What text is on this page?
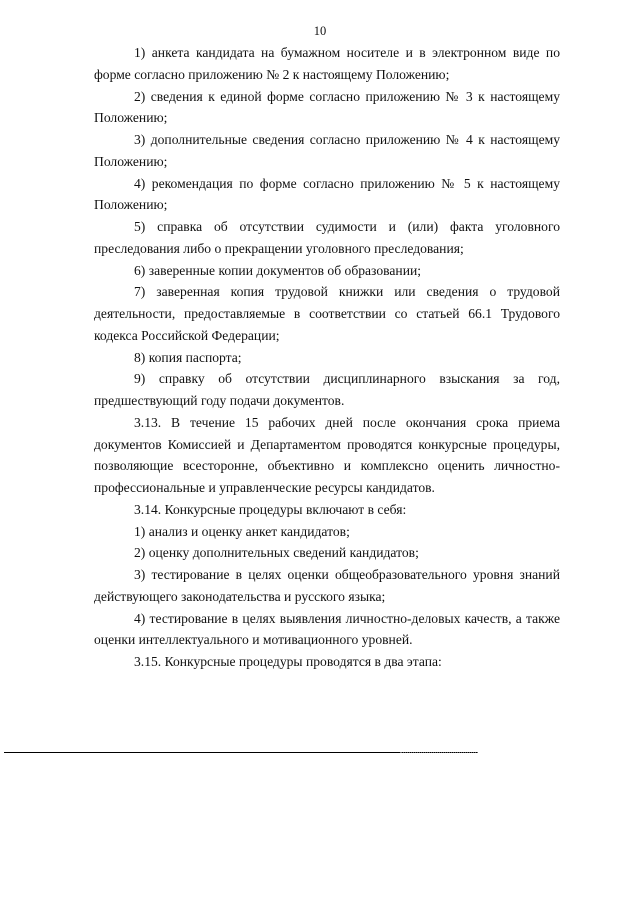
10

1) анкета кандидата на бумажном носителе и в электронном виде по форме согласно приложению № 2 к настоящему Положению;

2) сведения к единой форме согласно приложению № 3 к настоящему Положению;

3) дополнительные сведения согласно приложению № 4 к настоящему Положению;

4) рекомендация по форме согласно приложению № 5 к настоящему Положению;

5) справка об отсутствии судимости и (или) факта уголовного преследования либо о прекращении уголовного преследования;

6) заверенные копии документов об образовании;

7) заверенная копия трудовой книжки или сведения о трудовой деятельности, предоставляемые в соответствии со статьей 66.1 Трудового кодекса Российской Федерации;

8) копия паспорта;

9) справку об отсутствии дисциплинарного взыскания за год, предшествующий году подачи документов.

3.13. В течение 15 рабочих дней после окончания срока приема документов Комиссией и Департаментом проводятся конкурсные процедуры, позволяющие всесторонне, объективно и комплексно оценить личностно-профессиональные и управленческие ресурсы кандидатов.

3.14. Конкурсные процедуры включают в себя:

1) анализ и оценку анкет кандидатов;

2) оценку дополнительных сведений кандидатов;

3) тестирование в целях оценки общеобразовательного уровня знаний действующего законодательства и русского языка;

4) тестирование в целях выявления личностно-деловых качеств, а также оценки интеллектуального и мотивационного уровней.

3.15. Конкурсные процедуры проводятся в два этапа:
